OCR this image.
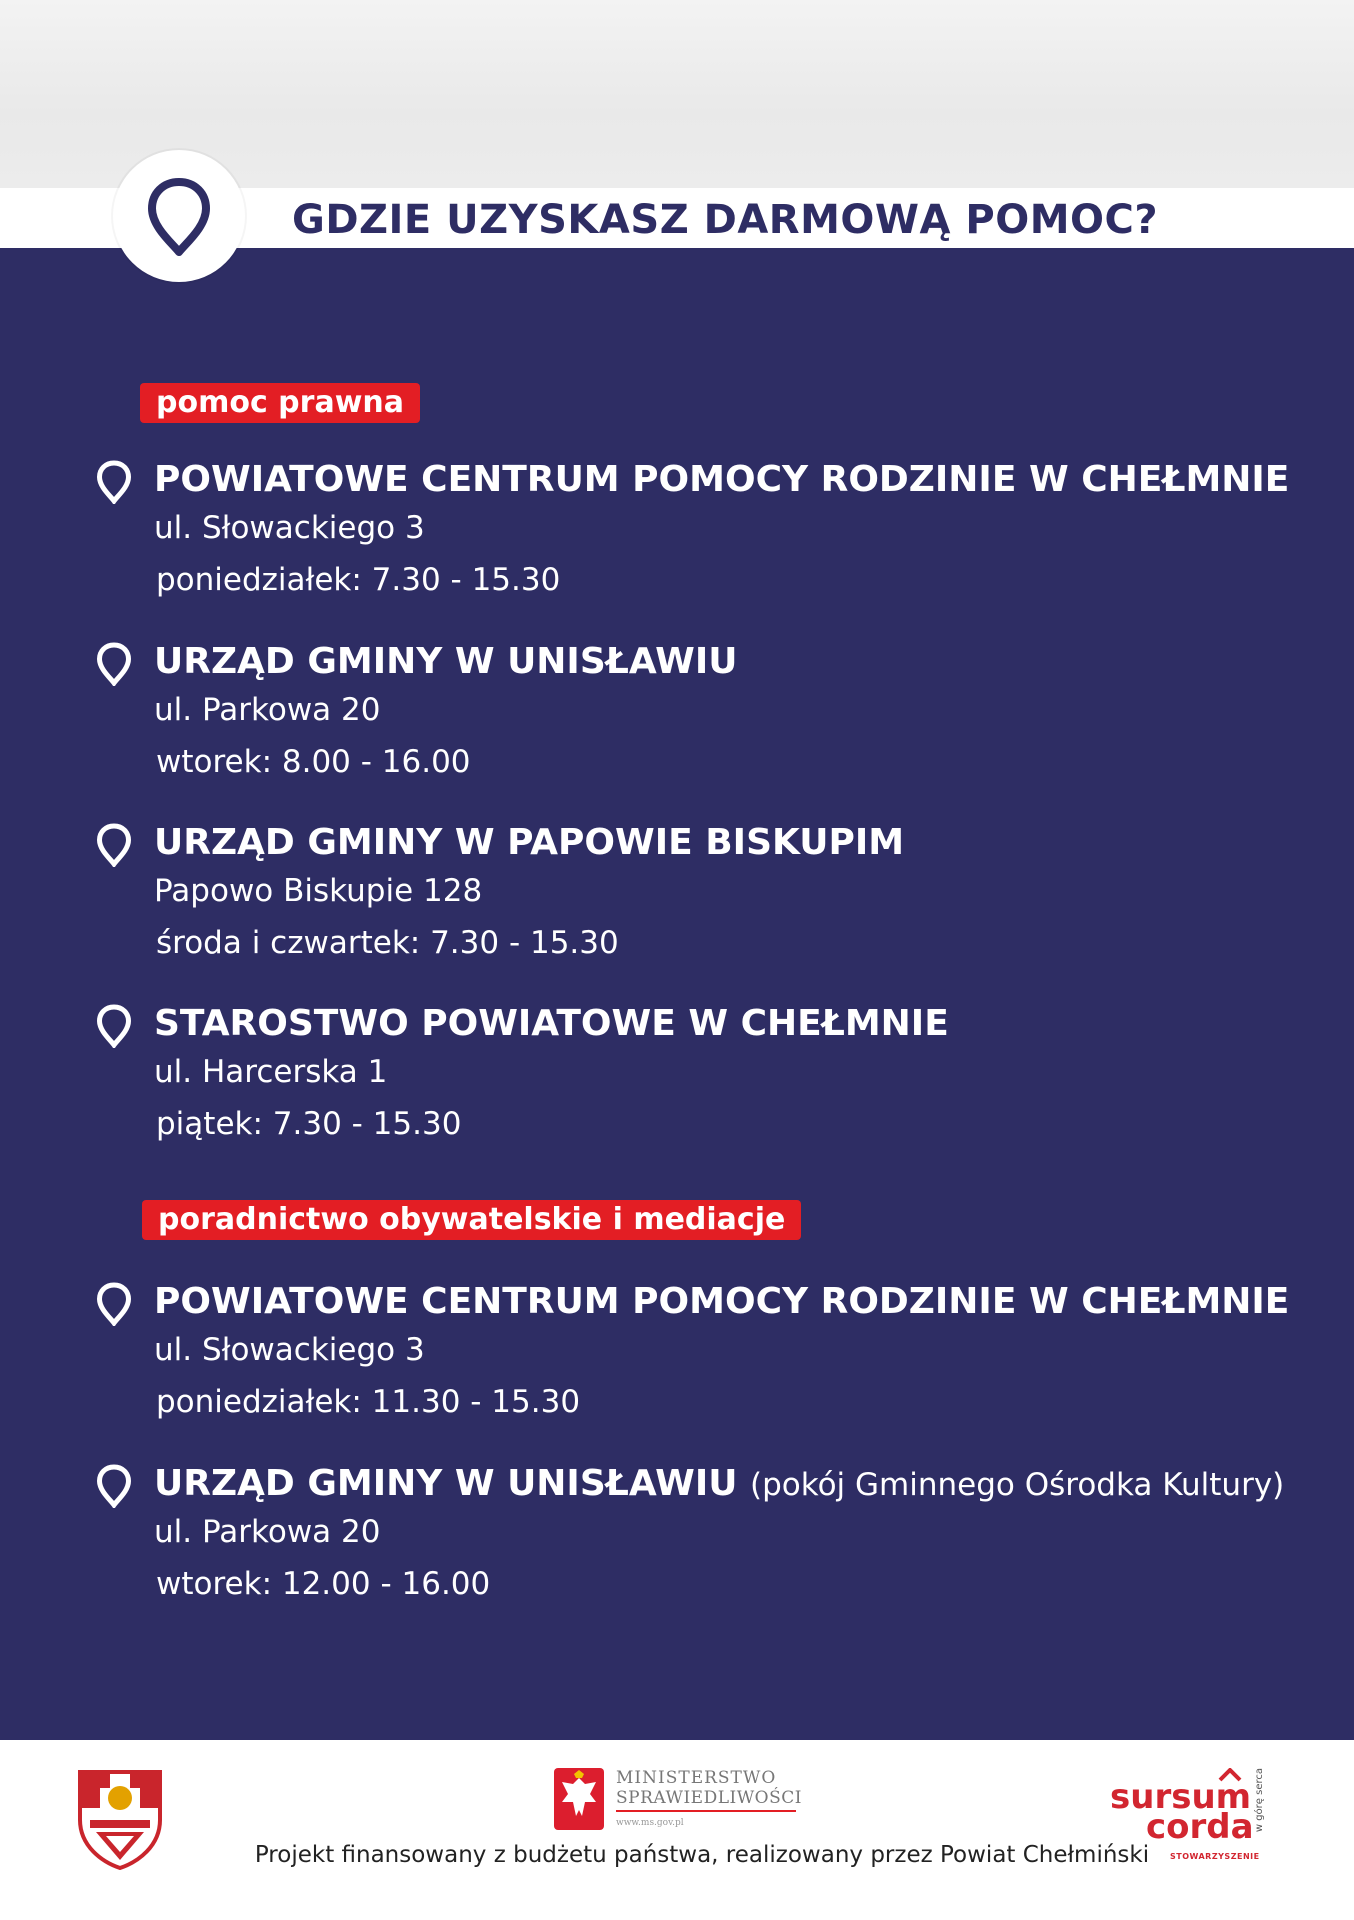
GDZIE UZYSKASZ DARMOWĄ POMOC?
pomoc prawna
POWIATOWE CENTRUM POMOCY RODZINIE W CHEŁMNIE
ul. Słowackiego 3
poniedziałek: 7.30 - 15.30
URZĄD GMINY W UNISŁAWIU
ul. Parkowa 20
wtorek: 8.00 - 16.00
URZĄD GMINY W PAPOWIE BISKUPIM
Papowo Biskupie 128
środa i czwartek: 7.30 - 15.30
STAROSTWO POWIATOWE W CHEŁMNIE
ul. Harcerska 1
piątek: 7.30 - 15.30
poradnictwo obywatelskie i mediacje
POWIATOWE CENTRUM POMOCY RODZINIE W CHEŁMNIE
ul. Słowackiego 3
poniedziałek: 11.30 - 15.30
URZĄD GMINY W UNISŁAWIU (pokój Gminnego Ośrodka Kultury)
ul. Parkowa 20
wtorek: 12.00 - 16.00
MINISTERSTWO
SPRAWIEDLIWOŚCI
www.ms.gov.pl
sursum
corda
STOWARZYSZENIE
w górę serca
Projekt finansowany z budżetu państwa, realizowany przez Powiat Chełmiński
